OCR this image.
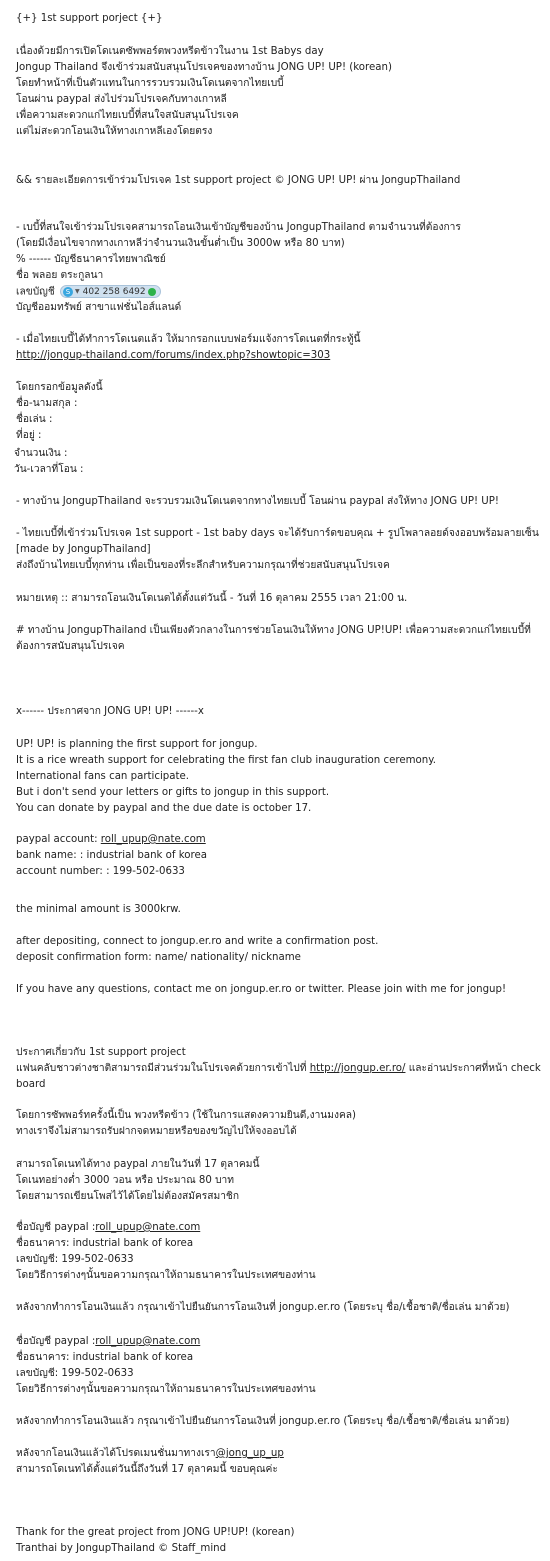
{+} 1st support porject {+}
เนื่องด้วยมีการเปิดโดเนตซัพพอร์ตพวงหรีดข้าวในงาน 1st Babys day
Jongup Thailand จึงเข้าร่วมสนับสนุนโปรเจคของทางบ้าน JONG UP! UP! (korean)
โดยทำหน้าที่เป็นตัวแทนในการรวบรวมเงินโดเนตจากไทยเบบี้
โอนผ่าน paypal ส่งไปร่วมโปรเจคกับทางเกาหลี
เพื่อความสะดวกแก่ไทยเบบี้ที่สนใจสนับสนุนโปรเจค
แต่ไม่สะดวกโอนเงินให้ทางเกาหลีเองโดยตรง
&& รายละเอียดการเข้าร่วมโปรเจค 1st support project © JONG UP! UP! ผ่าน JongupThailand
- เบบี้ที่สนใจเข้าร่วมโปรเจคสามารถโอนเงินเข้าบัญชีของบ้าน JongupThailand ตามจำนวนที่ต้องการ
(โดยมีเงื่อนไขจากทางเกาหลีว่าจำนวนเงินขั้นต่ำเป็น 3000w หรือ 80 บาท)
% ------ บัญชีธนาคารไทยพาณิชย์
ชื่อ พลอย ตระกูลนา
เลขบัญชี	S ▼ 402 258 6492
บัญชีออมทรัพย์ สาขาแฟชั่นไอส์แลนด์
- เมื่อไทยเบบี้ได้ทำการโดเนตแล้ว ให้มากรอกแบบฟอร์มแจ้งการโดเนตที่กระทู้นี้
http://jongup-thailand.com/forums/index.php?showtopic=303
โดยกรอกข้อมูลดังนี้
ชื่อ-นามสกุล :
ชื่อเล่น :
ที่อยู่ :
จำนวนเงิน :
วัน-เวลาที่โอน :
- ทางบ้าน JongupThailand จะรวบรวมเงินโดเนตจากทางไทยเบบี้ โอนผ่าน paypal ส่งให้ทาง JONG UP! UP!
- ไทยเบบี้ที่เข้าร่วมโปรเจค 1st support - 1st baby days จะได้รับการ์ดขอบคุณ + รูปโพลาลอยด์จงออบพร้อมลายเซ็น
[made by JongupThailand]
ส่งถึงบ้านไทยเบบี้ทุกท่าน เพื่อเป็นของที่ระลึกสำหรับความกรุณาที่ช่วยสนับสนุนโปรเจค
หมายเหตุ :: สามารถโอนเงินโดเนตได้ตั้งแต่วันนี้ - วันที่ 16 ตุลาคม 2555 เวลา 21:00 น.
# ทางบ้าน JongupThailand เป็นเพียงตัวกลางในการช่วยโอนเงินให้ทาง JONG UP!UP! เพื่อความสะดวกแก่ไทยเบบี้ที่ต้องการสนับสนุนโปรเจค
x------ ประกาศจาก JONG UP! UP! ------x
UP! UP! is planning the first support for jongup.
It is a rice wreath support for celebrating the first fan club inauguration ceremony.
International fans can participate.
But i don't send your letters or gifts to jongup in this support.
You can donate by paypal and the due date is october 17.
paypal account: roll_upup@nate.com
bank name: : industrial bank of korea
account number: : 199-502-0633
the minimal amount is 3000krw.
after depositing, connect to jongup.er.ro and write a confirmation post.
deposit confirmation form: name/ nationality/ nickname
If you have any questions, contact me on jongup.er.ro or twitter. Please join with me for jongup!
ประกาศเกี่ยวกับ 1st support project
แฟนคลับชาวต่างชาติสามารถมีส่วนร่วมในโปรเจคด้วยการเข้าไปที่ http://jongup.er.ro/ และอ่านประกาศที่หน้า check
board
โดยการซัพพอร์ทครั้งนี้เป็น พวงหรีดข้าว (ใช้ในการแสดงความยินดี,งานมงคล)
ทางเราจึงไม่สามารถรับฝากจดหมายหรือของขวัญไปให้จงออบได้
สามารถโดเนทได้ทาง paypal ภายในวันที่ 17 ตุลาคมนี้
โดเนทอย่างต่ำ 3000 วอน หรือ ประมาณ 80 บาท
โดยสามารถเขียนโพสไว้ได้โดยไม่ต้องสมัครสมาชิก
ชื่อบัญชี paypal :roll_upup@nate.com
ชื่อธนาคาร: industrial bank of korea
เลขบัญชี: 199-502-0633
โดยวิธีการต่างๆนั้นขอความกรุณาให้ถามธนาคารในประเทศของท่าน
หลังจากทำการโอนเงินแล้ว กรุณาเข้าไปยืนยันการโอนเงินที่ jongup.er.ro (โดยระบุ ชื่อ/เชื้อชาติ/ชื่อเล่น มาด้วย)
ชื่อบัญชี paypal :roll_upup@nate.com
ชื่อธนาคาร: industrial bank of korea
เลขบัญชี: 199-502-0633
โดยวิธีการต่างๆนั้นขอความกรุณาให้ถามธนาคารในประเทศของท่าน
หลังจากทำการโอนเงินแล้ว กรุณาเข้าไปยืนยันการโอนเงินที่ jongup.er.ro (โดยระบุ ชื่อ/เชื้อชาติ/ชื่อเล่น มาด้วย)
หลังจากโอนเงินแล้วได้โปรดเมนชั่นมาทางเรา@jong_up_up
สามารถโดเนทได้ตั้งแต่วันนี้ถึงวันที่ 17 ตุลาคมนี้ ขอบคุณค่ะ
Thank for the great project from JONG UP!UP! (korean)
Tranthai by JongupThailand © Staff_mind
